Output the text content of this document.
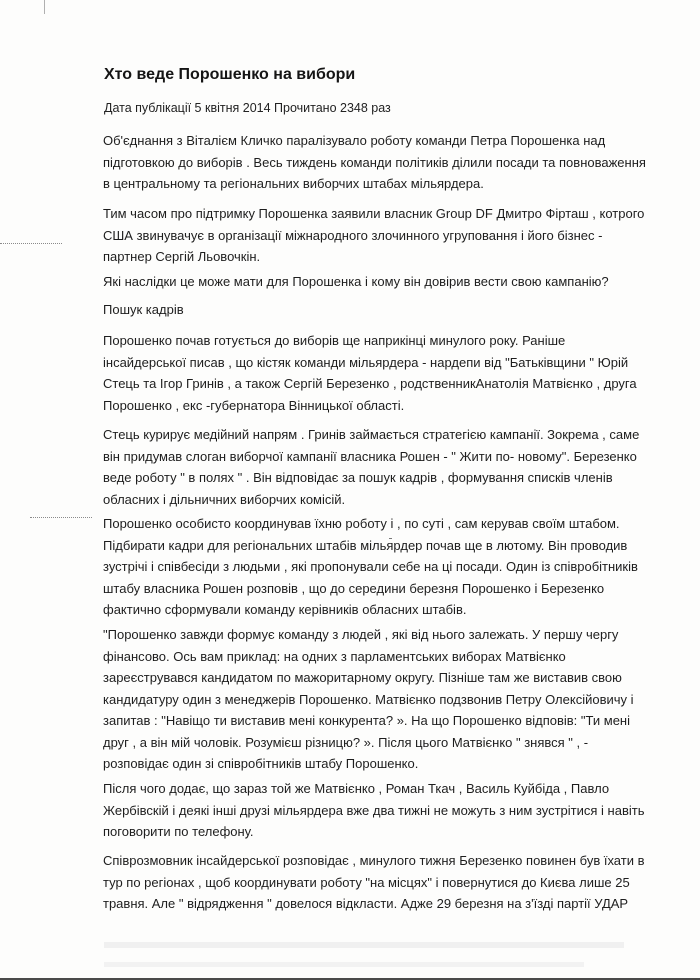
Хто веде Порошенко на вибори
Дата публікації 5 квітня 2014 Прочитано 2348 раз

Об'єднання з Віталієм Кличко паралізувало роботу команди Петра Порошенка над
підготовкою до виборів . Весь тиждень команди політиків ділили посади та повноваження
в центральному та регіональних виборчих штабах мільярдера.

Тим часом про підтримку Порошенка заявили власник Group DF Дмитро Фірташ , котрого
США звинувачує в організації міжнародного злочинного угруповання і його бізнес -
партнер Сергій Льовочкін.

Які наслідки це може мати для Порошенка і кому він довірив вести свою кампанію?

Пошук кадрів

Порошенко почав готується до виборів ще наприкінці минулого року. Раніше
інсайдерської писав , що кістяк команди мільярдера - нардепи від "Батьківщини " Юрій
Стець та Ігор Гринів , а також Сергій Березенко , родственникАнатолія Матвієнко , друга
Порошенко , екс -губернатора Вінницької області.

Стець курирує медійний напрям . Гринів займається стратегією кампанії. Зокрема , саме
він придумав слоган виборчої кампанії власника Рошен - " Жити по- новому". Березенко
веде роботу " в полях " . Він відповідає за пошук кадрів , формування списків членів
обласних і дільничних виборчих комісій.

Порошенко особисто координував їхню роботу і , по суті , сам керував своїм штабом.
Підбирати кадри для регіональних штабів мільярдер почав ще в лютому. Він проводив
зустрічі і співбесіди з людьми , які пропонували себе на ці посади. Один із співробітників
штабу власника Рошен розповів , що до середини березня Порошенко і Березенко
фактично сформували команду керівників обласних штабів.

"Порошенко завжди формує команду з людей , які від нього залежать. У першу чергу
фінансово. Ось вам приклад: на одних з парламентських виборах Матвієнко
зареєструвався кандидатом по мажоритарному округу. Пізніше там же виставив свою
кандидатуру один з менеджерів Порошенко. Матвієнко подзвонив Петру Олексійовичу і
запитав : "Навіщо ти виставив мені конкурента? ». На що Порошенко відповів: "Ти мені
друг , а він мій чоловік. Розумієш різницю? ». Після цього Матвієнко " знявся " , -
розповідає один зі співробітників штабу Порошенко.

Після чого додає, що зараз той же Матвієнко , Роман Ткач , Василь Куйбіда , Павло
Жербівскій і деякі інші друзі мільярдера вже два тижні не можуть з ним зустрітися і навіть
поговорити по телефону.

Співрозмовник інсайдерської розповідає , минулого тижня Березенко повинен був їхати в
тур по регіонах , щоб координувати роботу "на місцях" і повернутися до Києва лише 25
травня. Але " відрядження " довелося відкласти. Адже 29 березня на з'їзді партії УДАР
